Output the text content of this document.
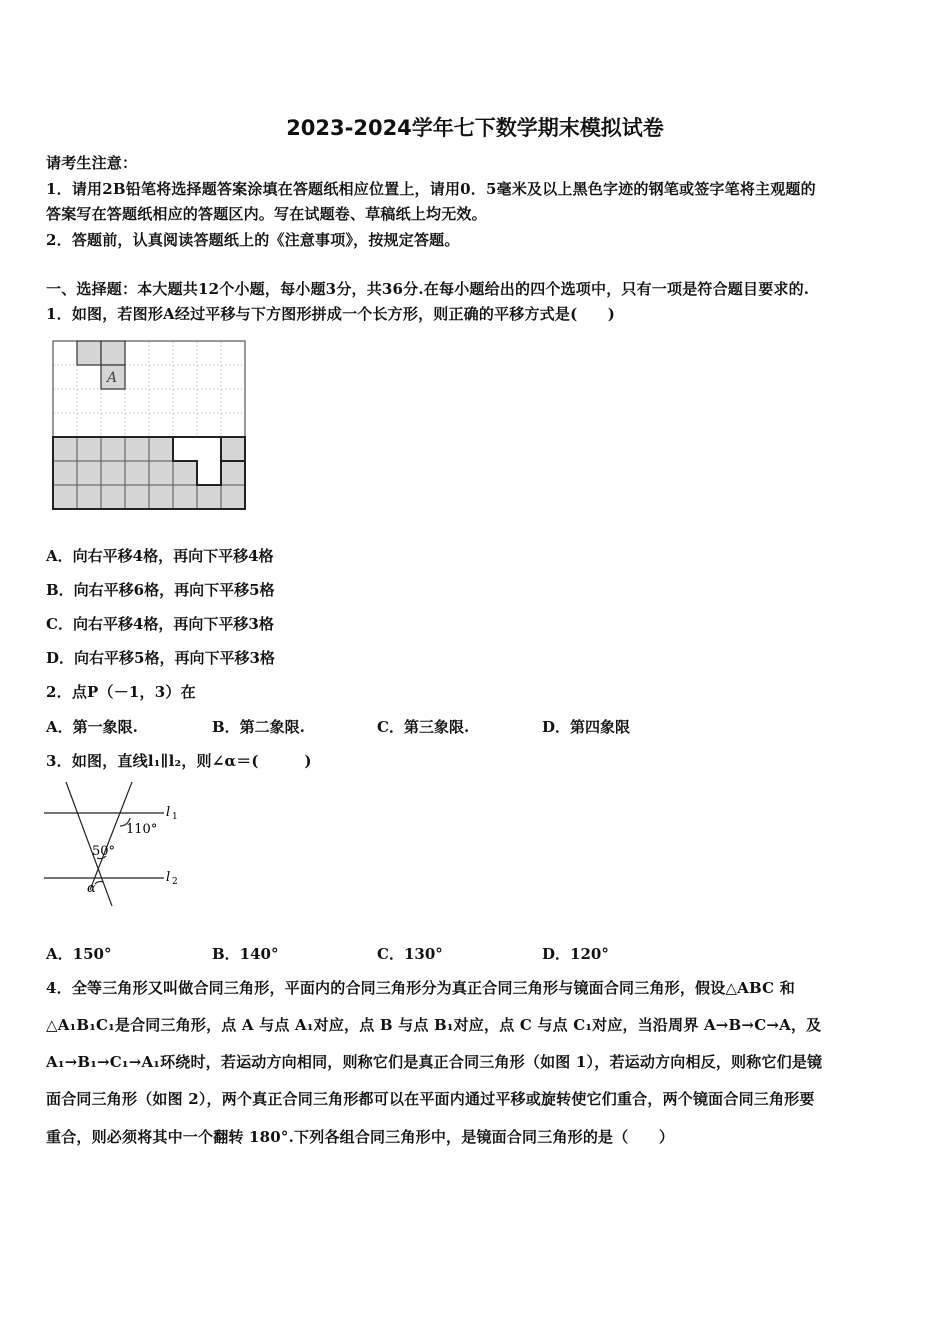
2023-2024学年七下数学期末模拟试卷
请考生注意：
1．请用2B铅笔将选择题答案涂填在答题纸相应位置上，请用0．5毫米及以上黑色字迹的钢笔或签字笔将主观题的
答案写在答题纸相应的答题区内。写在试题卷、草稿纸上均无效。
2．答题前，认真阅读答题纸上的《注意事项》，按规定答题。
一、选择题：本大题共12个小题，每小题3分，共36分.在每小题给出的四个选项中，只有一项是符合题目要求的.
1．如图，若图形A经过平移与下方图形拼成一个长方形，则正确的平移方式是(　　)
A
A．向右平移4格，再向下平移4格
B．向右平移6格，再向下平移5格
C．向右平移4格，再向下平移3格
D．向右平移5格，再向下平移3格
2．点P（－1，3）在
A．第一象限.	B．第二象限.	C．第三象限.	D．第四象限
3．如图，直线l₁∥l₂，则∠α＝(　　　)
l 1
l 2
110°
50°
α
A．150°	B．140°	C．130°	D．120°
4．全等三角形又叫做合同三角形，平面内的合同三角形分为真正合同三角形与镜面合同三角形，假设△ABC 和
△A₁B₁C₁是合同三角形，点 A 与点 A₁对应，点 B 与点 B₁对应，点 C 与点 C₁对应，当沿周界 A→B→C→A，及
A₁→B₁→C₁→A₁环绕时，若运动方向相同，则称它们是真正合同三角形（如图 1），若运动方向相反，则称它们是镜
面合同三角形（如图 2），两个真正合同三角形都可以在平面内通过平移或旋转使它们重合，两个镜面合同三角形要
重合，则必须将其中一个翻转 180°.下列各组合同三角形中，是镜面合同三角形的是（　　）
